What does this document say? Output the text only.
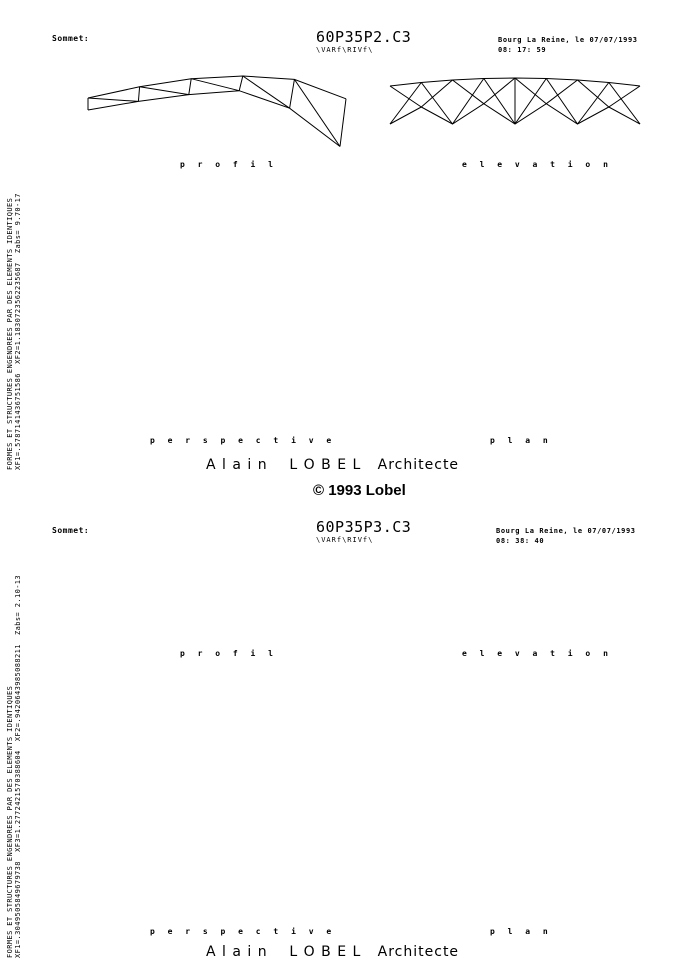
Sommet:	60P35P2.C3
\VARf\RIVf\
Bourg La Reine, le 07/07/1993
08: 17: 59
FORMES ET STRUCTURES ENGENDREES PAR DES ELEMENTS IDENTIQUES XF1=.5787141436751586  XF2=1.1830723562235687  Zabs= 9.70-17
p r o f i l	e l e v a t i o n
p e r s p e c t i v e	p l a n
A l a i n L O B E L Architecte
© 1993 Lobel
Sommet:	60P35P3.C3
\VARf\RIVf\
Bourg La Reine, le 07/07/1993
08: 38: 40
FORMES ET STRUCTURES ENGENDREES PAR DES ELEMENTS IDENTIQUES XF1=.3049505849679738  XF3=1.2772421570388604  XF2=.9420643985088211  Zabs= 2.10-13
p r o f i l	e l e v a t i o n
p e r s p e c t i v e	p l a n
A l a i n L O B E L Architecte
